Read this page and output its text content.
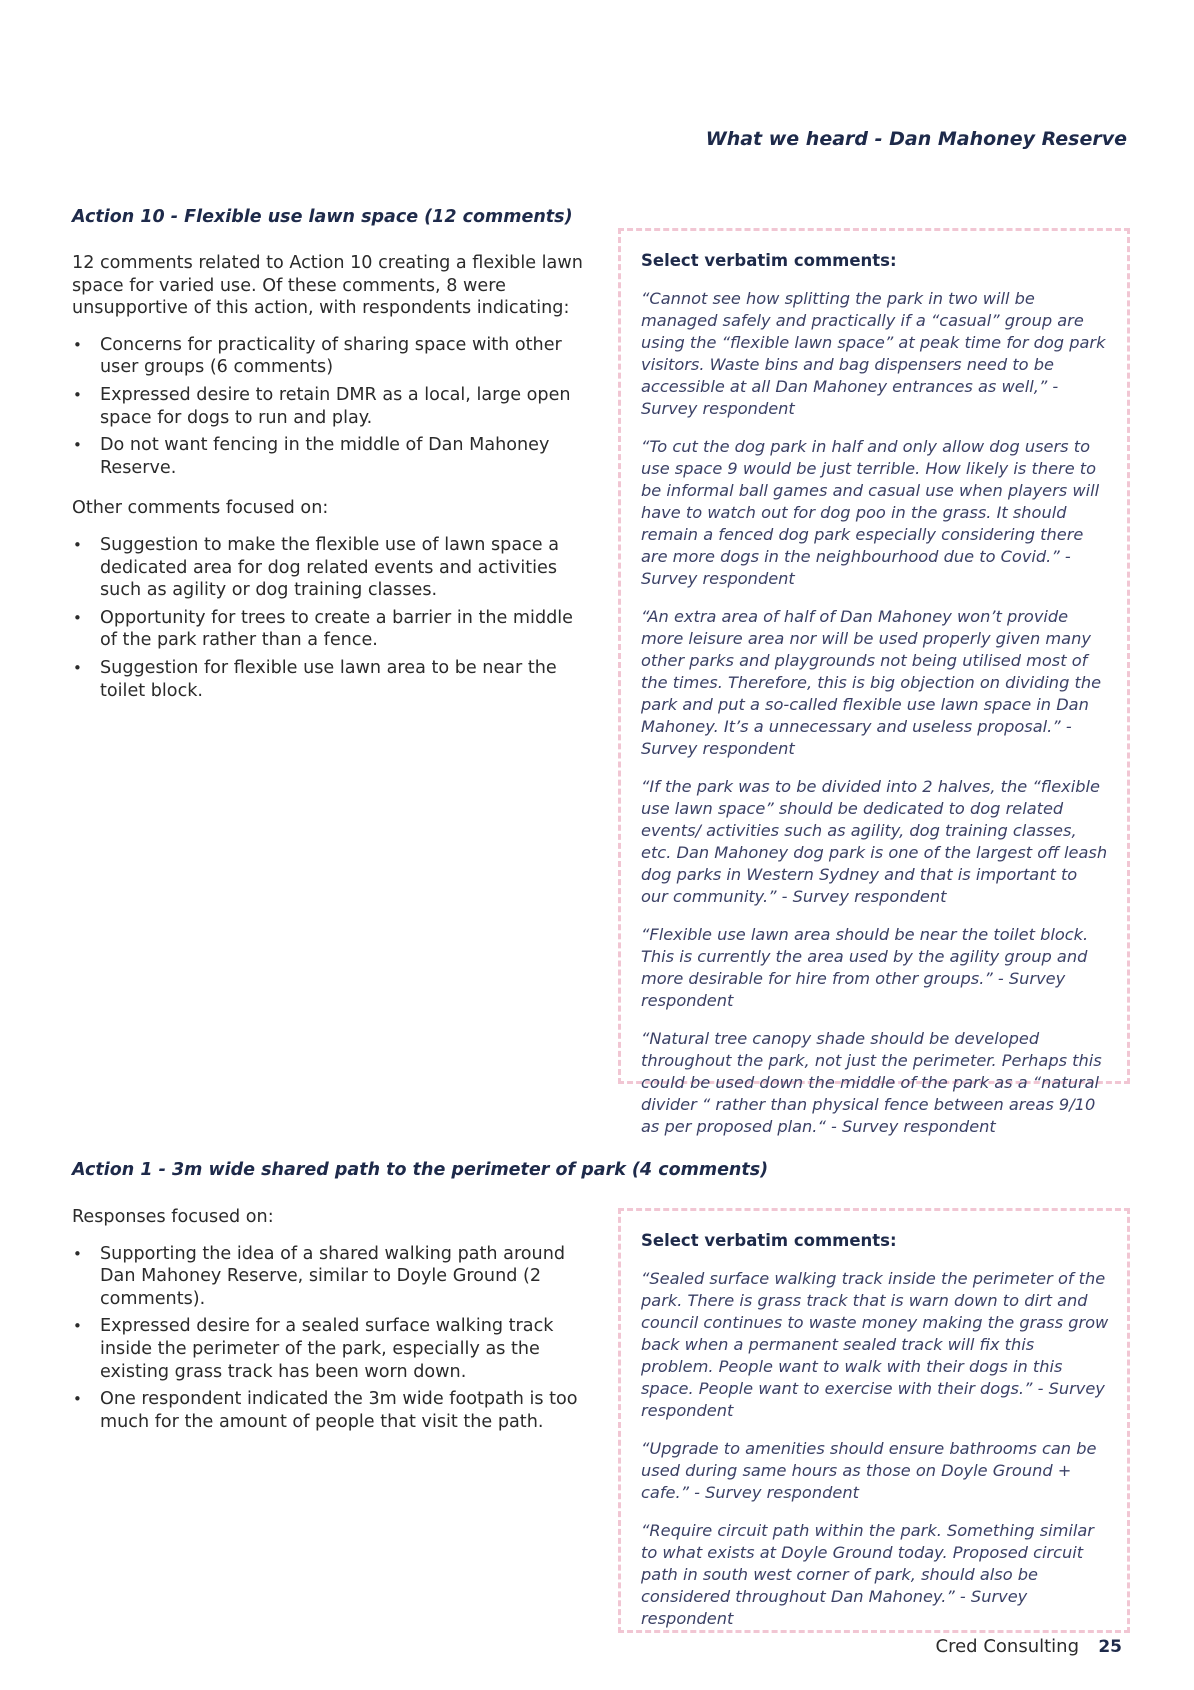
What we heard - Dan Mahoney Reserve
Action 10 - Flexible use lawn space (12 comments)

12 comments related to Action 10 creating a flexible lawn space for varied use. Of these comments, 8 were unsupportive of this action, with respondents indicating:

• Concerns for practicality of sharing space with other user groups (6 comments)
• Expressed desire to retain DMR as a local, large open space for dogs to run and play.
• Do not want fencing in the middle of Dan Mahoney Reserve.

Other comments focused on:

• Suggestion to make the flexible use of lawn space a dedicated area for dog related events and activities such as agility or dog training classes.
• Opportunity for trees to create a barrier in the middle of the park rather than a fence.
• Suggestion for flexible use lawn area to be near the toilet block.
Select verbatim comments:
“Cannot see how splitting the park in two will be managed safely and practically if a “casual” group are using the “flexible lawn space” at peak time for dog park visitors. Waste bins and bag dispensers need to be accessible at all Dan Mahoney entrances as well,” - Survey respondent
“To cut the dog park in half and only allow dog users to use space 9 would be just terrible. How likely is there to be informal ball games and casual use when players will have to watch out for dog poo in the grass. It should remain a fenced dog park especially considering there are more dogs in the neighbourhood due to Covid.” - Survey respondent
“An extra area of half of Dan Mahoney won’t provide more leisure area nor will be used properly given many other parks and playgrounds not being utilised most of the times. Therefore, this is big objection on dividing the park and put a so-called flexible use lawn space in Dan Mahoney. It’s a unnecessary and useless proposal.” - Survey respondent
“If the park was to be divided into 2 halves, the “flexible use lawn space” should be dedicated to dog related events/ activities such as agility, dog training classes, etc. Dan Mahoney dog park is one of the largest off leash dog parks in Western Sydney and that is important to our community.” - Survey respondent
“Flexible use lawn area should be near the toilet block. This is currently the area used by the agility group and more desirable for hire from other groups.” - Survey respondent
“Natural tree canopy shade should be developed throughout the park, not just the perimeter. Perhaps this could be used down the middle of the park as a “natural divider “ rather than physical fence between areas 9/10 as per proposed plan.“ - Survey respondent
Action 1 - 3m wide shared path to the perimeter of park (4 comments)

Responses focused on:

• Supporting the idea of a shared walking path around Dan Mahoney Reserve, similar to Doyle Ground (2 comments).
• Expressed desire for a sealed surface walking track inside the perimeter of the park, especially as the existing grass track has been worn down.
• One respondent indicated the 3m wide footpath is too much for the amount of people that visit the path.
Select verbatim comments:
“Sealed surface walking track inside the perimeter of the park. There is grass track that is warn down to dirt and council continues to waste money making the grass grow back when a permanent sealed track will fix this problem. People want to walk with their dogs in this space. People want to exercise with their dogs.” - Survey respondent
“Upgrade to amenities should ensure bathrooms can be used during same hours as those on Doyle Ground + cafe.” - Survey respondent
“Require circuit path within the park. Something similar to what exists at Doyle Ground today. Proposed circuit path in south west corner of park, should also be considered throughout Dan Mahoney.” - Survey respondent
Cred Consulting 25
